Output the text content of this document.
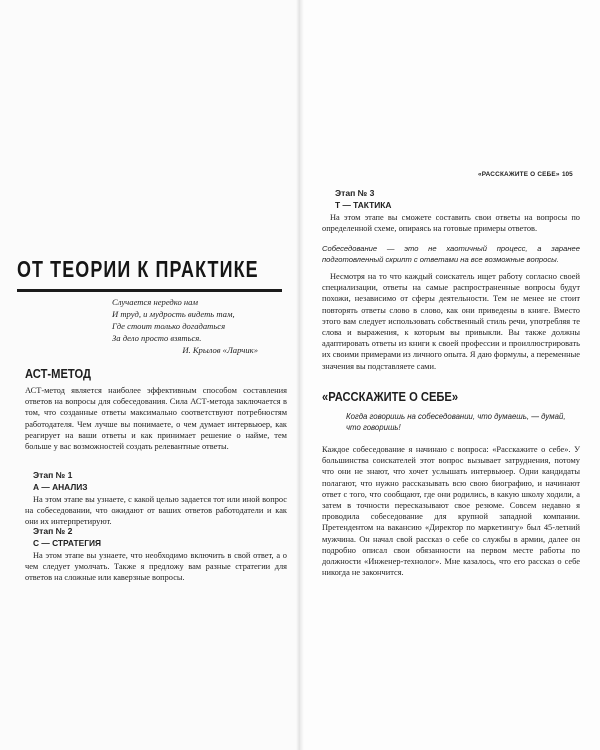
ОТ ТЕОРИИ К ПРАКТИКЕ
Случается нередко нам
И труд, и мудрость видеть там,
Где стоит только догадаться
За дело просто взяться.
И. Крылов «Ларчик»
АСТ-МЕТОД

АСТ-метод является наиболее эффективным способом составления ответов на вопросы для собеседования. Сила АСТ-метода заключается в том, что созданные ответы максимально соответствуют потребностям работодателя. Чем лучше вы понимаете, о чем думает интервьюер, как реагирует на ваши ответы и как принимает решение о найме, тем больше у вас возможностей создать релевантные ответы.

Этап № 1
А — АНАЛИЗ

На этом этапе вы узнаете, с какой целью задается тот или иной вопрос на собеседовании, что ожидают от ваших ответов работодатели и как они их интерпретируют.

Этап № 2
С — СТРАТЕГИЯ

На этом этапе вы узнаете, что необходимо включить в свой ответ, а о чем следует умолчать. Также я предложу вам разные стратегии для ответов на сложные или каверзные вопросы.

«РАССКАЖИТЕ О СЕБЕ» 105
Этап № 3
Т — ТАКТИКА

На этом этапе вы сможете составить свои ответы на вопросы по определенной схеме, опираясь на готовые примеры ответов.

Собеседование — это не хаотичный процесс, а заранее подготовленный скрипт с ответами на все возможные вопросы.

Несмотря на то что каждый соискатель ищет работу согласно своей специализации, ответы на самые распространенные вопросы будут похожи, независимо от сферы деятельности. Тем не менее не стоит повторять ответы слово в слово, как они приведены в книге. Вместо этого вам следует использовать собственный стиль речи, употребляя те слова и выражения, к которым вы привыкли. Вы также должны адаптировать ответы из книги к своей профессии и проиллюстрировать их своими примерами из личного опыта. Я даю формулы, а переменные значения вы подставляете сами.

«РАССКАЖИТЕ О СЕБЕ»

Когда говоришь на собеседовании, что думаешь, — думай, что говоришь!

Каждое собеседование я начинаю с вопроса: «Расскажите о себе». У большинства соискателей этот вопрос вызывает затруднения, потому что они не знают, что хочет услышать интервьюер. Одни кандидаты полагают, что нужно рассказывать всю свою биографию, и начинают ответ с того, что сообщают, где они родились, в какую школу ходили, а затем в точности пересказывают свое резюме. Совсем недавно я проводила собеседование для крупной западной компании. Претендентом на вакансию «Директор по маркетингу» был 45-летний мужчина. Он начал свой рассказ о себе со службы в армии, далее он подробно описал свои обязанности на первом месте работы по должности «Инженер-технолог». Мне казалось, что его рассказ о себе никогда не закончится.
